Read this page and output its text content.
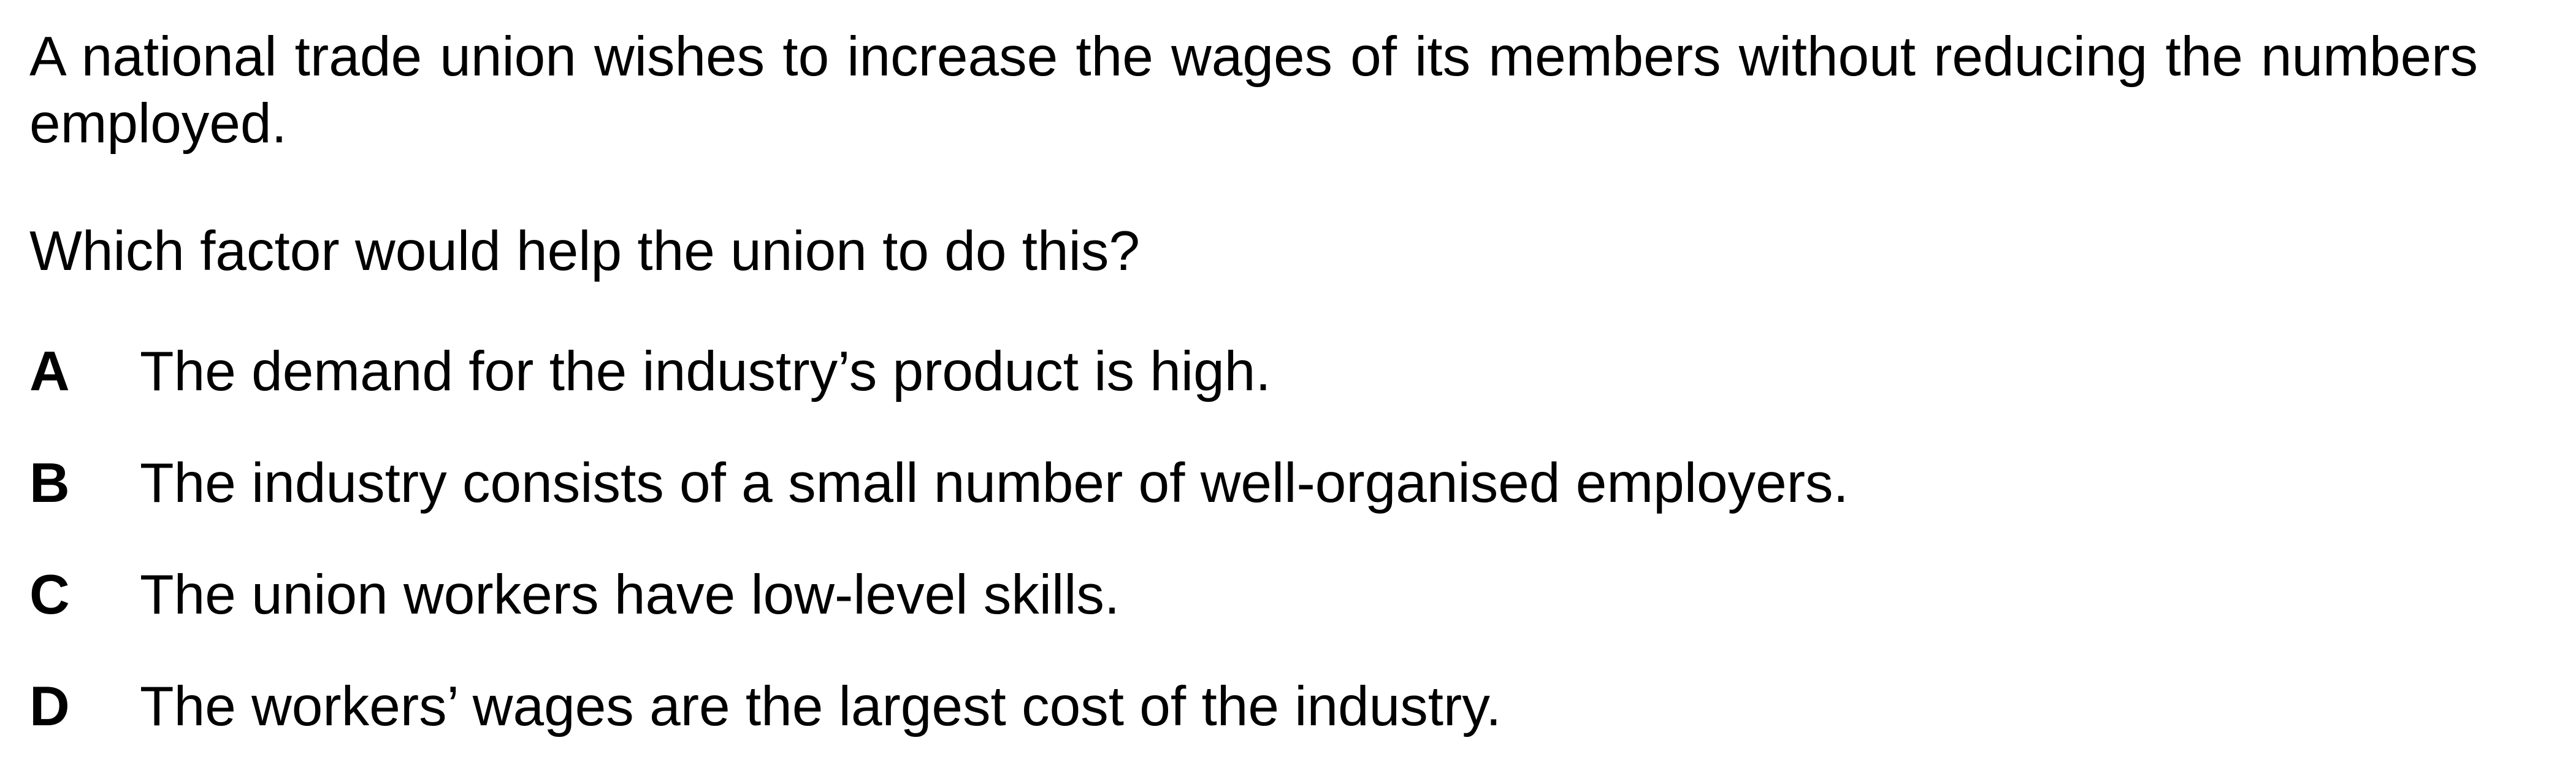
A national trade union wishes to increase the wages of its members without reducing the numbers employed.

Which factor would help the union to do this?

A	The demand for the industry’s product is high.
B	The industry consists of a small number of well-organised employers.
C	The union workers have low-level skills.
D	The workers’ wages are the largest cost of the industry.
